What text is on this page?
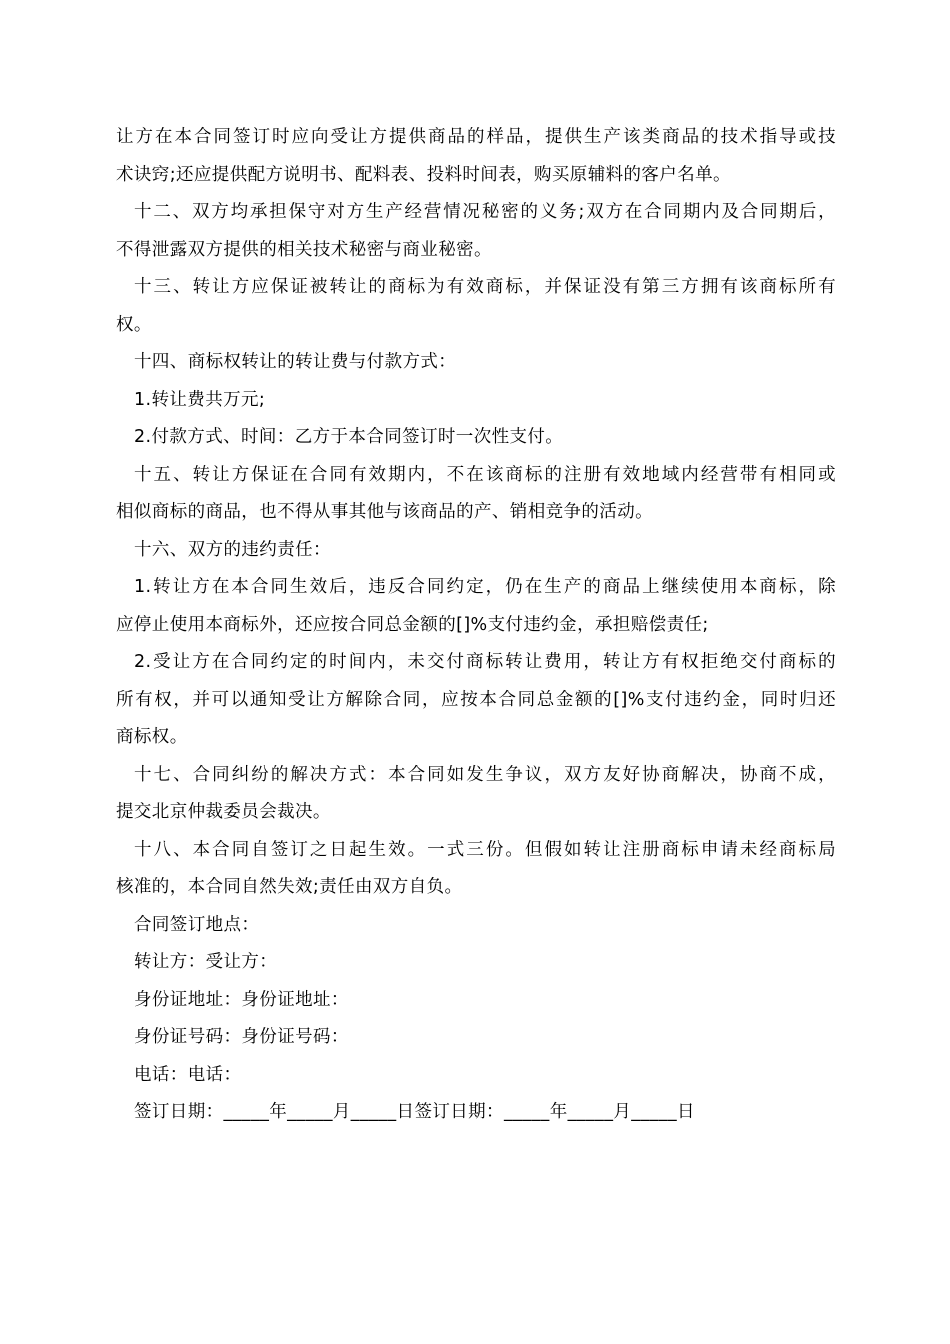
让方在本合同签订时应向受让方提供商品的样品，提供生产该类商品的技术指导或技
术诀窍;还应提供配方说明书、配料表、投料时间表，购买原辅料的客户名单。
十二、双方均承担保守对方生产经营情况秘密的义务;双方在合同期内及合同期后，
不得泄露双方提供的相关技术秘密与商业秘密。
十三、转让方应保证被转让的商标为有效商标，并保证没有第三方拥有该商标所有
权。
十四、商标权转让的转让费与付款方式：
1.转让费共万元;
2.付款方式、时间：乙方于本合同签订时一次性支付。
十五、转让方保证在合同有效期内，不在该商标的注册有效地域内经营带有相同或
相似商标的商品，也不得从事其他与该商品的产、销相竞争的活动。
十六、双方的违约责任：
1.转让方在本合同生效后，违反合同约定，仍在生产的商品上继续使用本商标，除
应停止使用本商标外，还应按合同总金额的[]%支付违约金，承担赔偿责任;
2.受让方在合同约定的时间内，未交付商标转让费用，转让方有权拒绝交付商标的
所有权，并可以通知受让方解除合同，应按本合同总金额的[]%支付违约金，同时归还
商标权。
十七、合同纠纷的解决方式：本合同如发生争议，双方友好协商解决，协商不成，
提交北京仲裁委员会裁决。
十八、本合同自签订之日起生效。一式三份。但假如转让注册商标申请未经商标局
核准的，本合同自然失效;责任由双方自负。
合同签订地点：
转让方：受让方：
身份证地址：身份证地址：
身份证号码：身份证号码：
电话：电话：
签订日期：_____年_____月_____日签订日期：_____年_____月_____日
